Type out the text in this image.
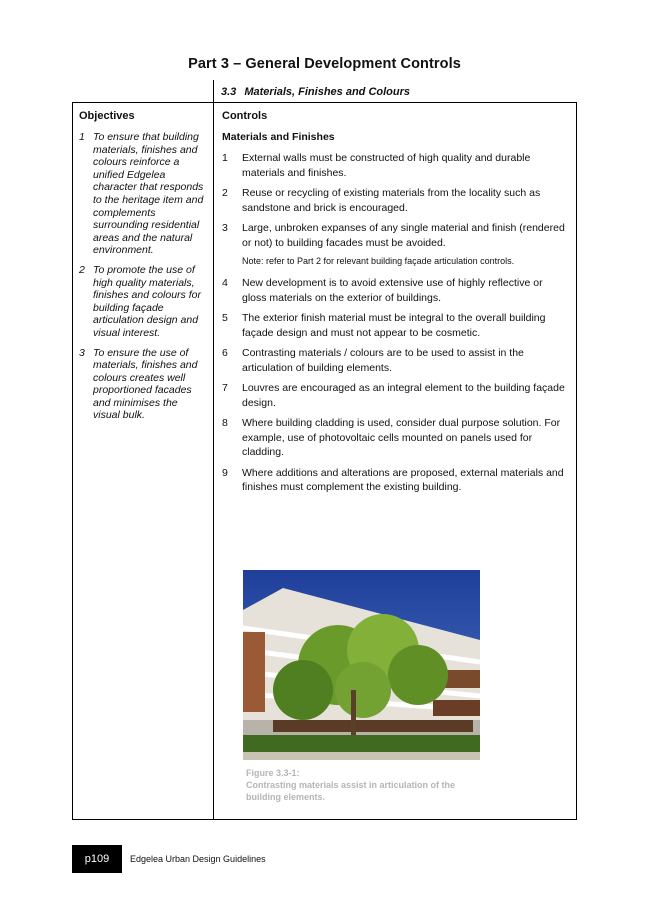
Part 3 – General Development Controls
3.3 Materials, Finishes and Colours
Objectives
1 To ensure that building materials, finishes and colours reinforce a unified Edgelea character that responds to the heritage item and complements surrounding residential areas and the natural environment.
2 To promote the use of high quality materials, finishes and colours for building façade articulation design and visual interest.
3 To ensure the use of materials, finishes and colours creates well proportioned facades and minimises the visual bulk.
Controls
Materials and Finishes
1	External walls must be constructed of high quality and durable materials and finishes.
2	Reuse or recycling of existing materials from the locality such as sandstone and brick is encouraged.
3	Large, unbroken expanses of any single material and finish (rendered or not) to building facades must be avoided.
Note: refer to Part 2 for relevant building façade articulation controls.
4	New development is to avoid extensive use of highly reflective or gloss materials on the exterior of buildings.
5	The exterior finish material must be integral to the overall building façade design and must not appear to be cosmetic.
6	Contrasting materials / colours are to be used to assist in the articulation of building elements.
7	Louvres are encouraged as an integral element to the building façade design.
8	Where building cladding is used, consider dual purpose solution. For example, use of photovoltaic cells mounted on panels used for cladding.
9	Where additions and alterations are proposed, external materials and finishes must complement the existing building.
Figure 3.3-1:
Contrasting materials assist in articulation of the building elements.
p109	Edgelea Urban Design Guidelines
